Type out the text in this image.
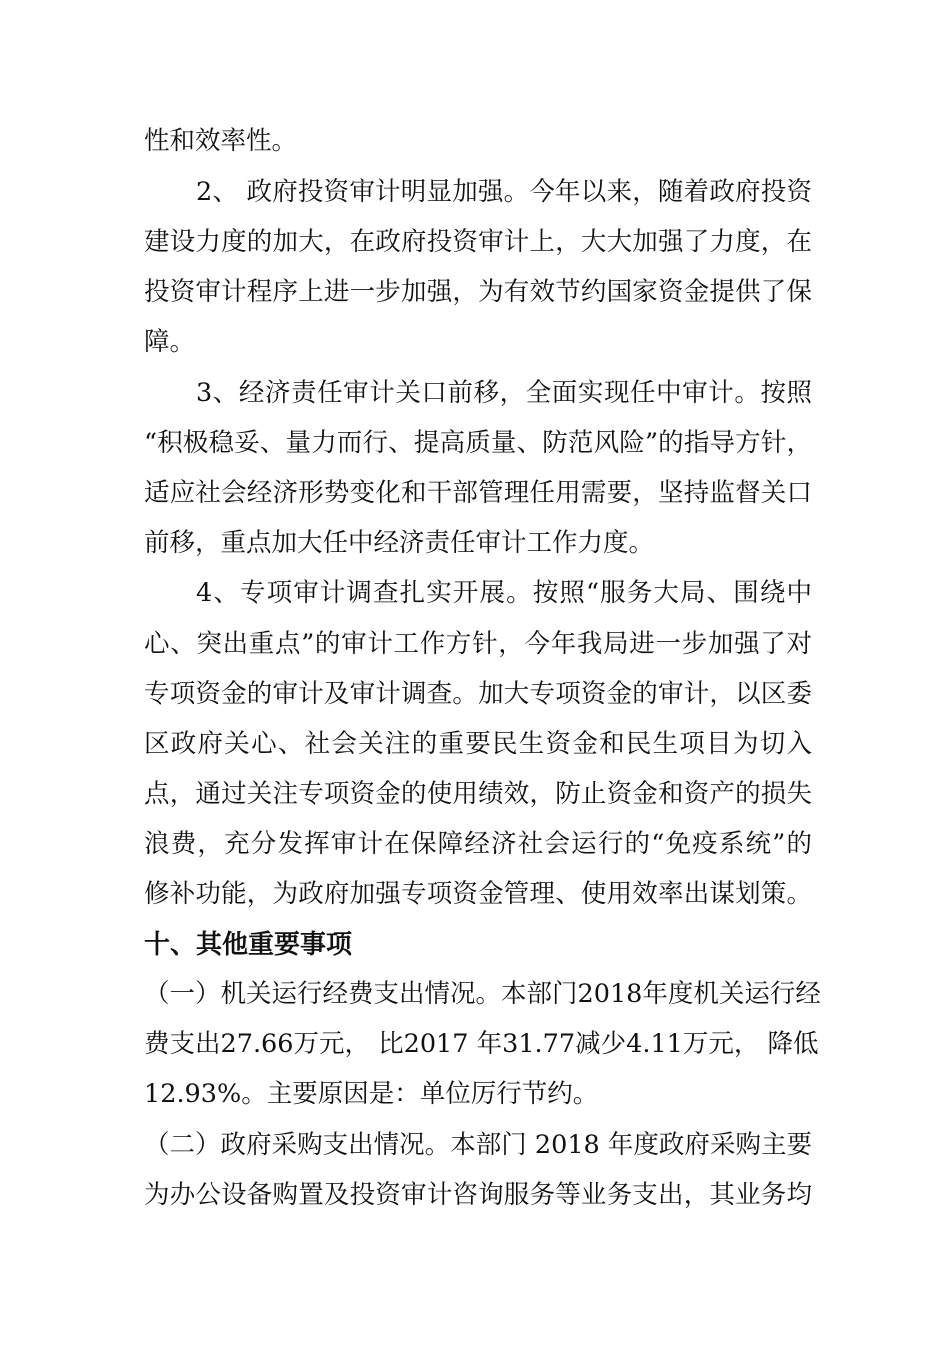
性和效率性。
2、 政府投资审计明显加强。今年以来，随着政府投资
建设力度的加大，在政府投资审计上，大大加强了力度，在
投资审计程序上进一步加强，为有效节约国家资金提供了保
障。
3、经济责任审计关口前移，全面实现任中审计。按照
“积极稳妥、量力而行、提高质量、防范风险”的指导方针，
适应社会经济形势变化和干部管理任用需要，坚持监督关口
前移，重点加大任中经济责任审计工作力度。
4、专项审计调查扎实开展。按照“服务大局、围绕中
心、突出重点”的审计工作方针，今年我局进一步加强了对
专项资金的审计及审计调查。加大专项资金的审计，以区委
区政府关心、社会关注的重要民生资金和民生项目为切入
点，通过关注专项资金的使用绩效，防止资金和资产的损失
浪费，充分发挥审计在保障经济社会运行的“免疫系统”的
修补功能，为政府加强专项资金管理、使用效率出谋划策。
十、其他重要事项
（一）机关运行经费支出情况。本部门2018年度机关运行经
费支出27.66万元， 比2017 年31.77减少4.11万元， 降低
12.93%。主要原因是：单位厉行节约。
（二）政府采购支出情况。本部门 2018 年度政府采购主要
为办公设备购置及投资审计咨询服务等业务支出，其业务均
